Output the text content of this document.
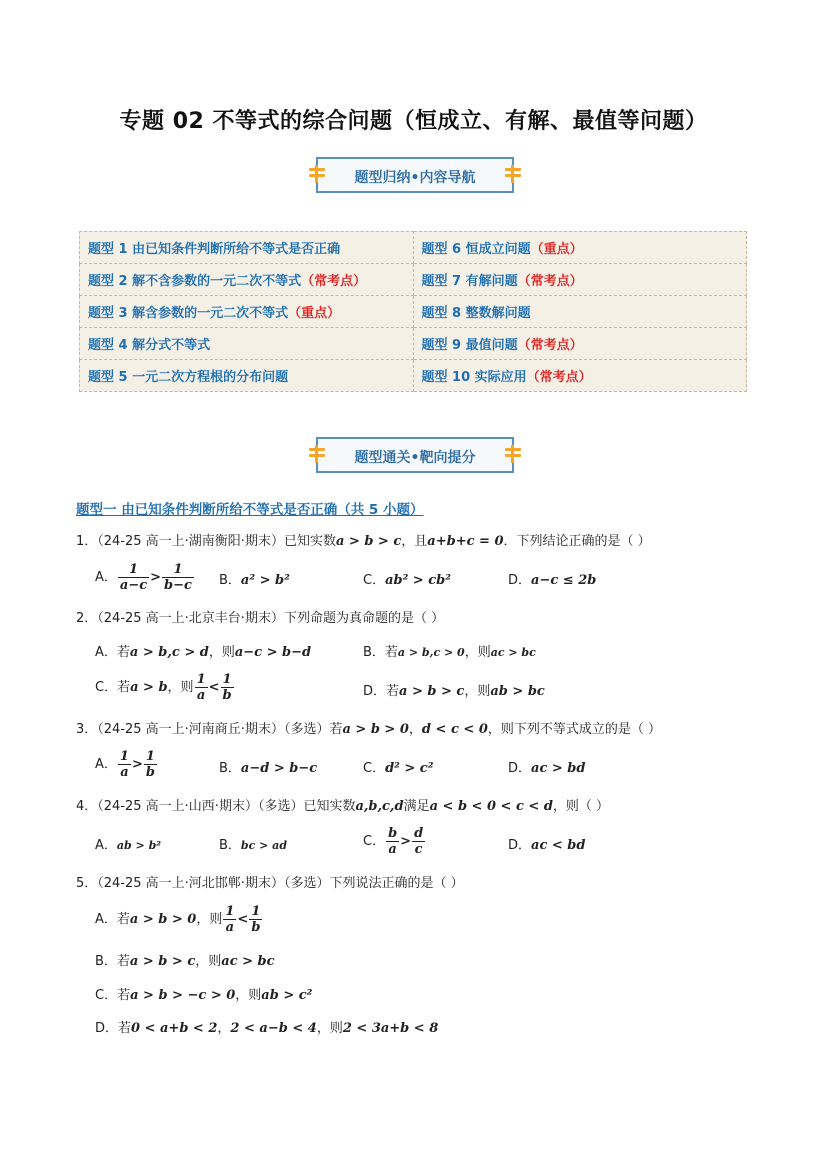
专题 02 不等式的综合问题（恒成立、有解、最值等问题）
题型归纳•内容导航
题型 1 由已知条件判断所给不等式是否正确	题型 6 恒成立问题（重点）
题型 2 解不含参数的一元二次不等式（常考点）	题型 7 有解问题（常考点）
题型 3 解含参数的一元二次不等式（重点）	题型 8 整数解问题
题型 4 解分式不等式	题型 9 最值问题（常考点）
题型 5 一元二次方程根的分布问题	题型 10 实际应用（常考点）
题型通关•靶向提分
题型一 由已知条件判断所给不等式是否正确（共 5 小题）
1．（24-25 高一上·湖南衡阳·期末）已知实数a > b > c，且a+b+c = 0．下列结论正确的是（ ）
A． $\frac{1}{a-c} > \frac{1}{b-c}$ B．a² > b²	C．ab² > cb²	D．a−c ≤ 2b
2．（24-25 高一上·北京丰台·期末）下列命题为真命题的是（ ）
A．若a > b,c > d，则a−c > b−d	B．若a > b,c > 0，则ac > bc
C．若a > b，则 $\frac{1}{a} < \frac{1}{b}$	D．若a > b > c，则ab > bc
3．（24-25 高一上·河南商丘·期末）（多选）若a > b > 0，d < c < 0，则下列不等式成立的是（ ）
A． $\frac{1}{a} > \frac{1}{b}$	B．a−d > b−c	C．d² > c²	D．ac > bd
4．（24-25 高一上·山西·期末）（多选）已知实数a,b,c,d满足a < b < 0 < c < d，则（ ）
A．ab > b²	B．bc > ad	C． $\frac{b}{a} > \frac{d}{c}$	D．ac < bd
5．（24-25 高一上·河北邯郸·期末）（多选）下列说法正确的是（ ）
A．若a > b > 0，则 $\frac{1}{a} < \frac{1}{b}$
B．若a > b > c，则ac > bc
C．若a > b > −c > 0，则ab > c²
D．若0 < a+b < 2，2 < a−b < 4，则2 < 3a+b < 8
